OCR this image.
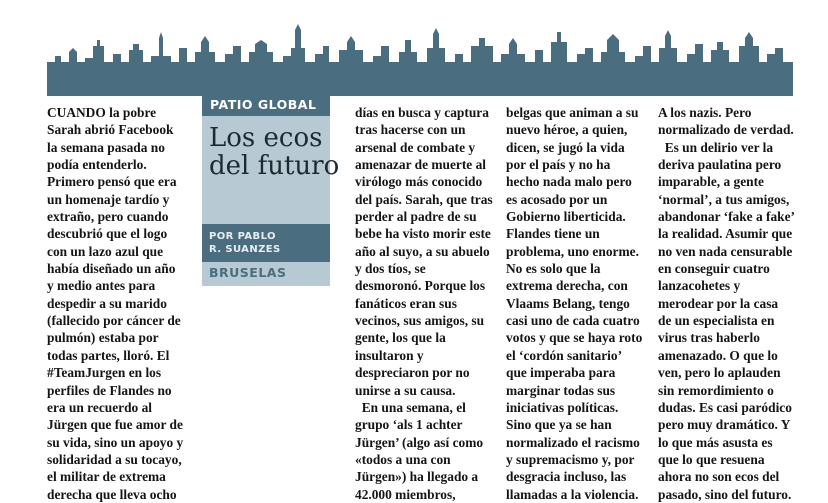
CUANDO la pobre
Sarah abrió Facebook
la semana pasada no
podía entenderlo.
Primero pensó que era
un homenaje tardío y
extraño, pero cuando
descubrió que el logo
con un lazo azul que
había diseñado un año
y medio antes para
despedir a su marido
(fallecido por cáncer de
pulmón) estaba por
todas partes, lloró. El
#TeamJurgen en los
perfiles de Flandes no
era un recuerdo al
Jürgen que fue amor de
su vida, sino un apoyo y
solidaridad a su tocayo,
el militar de extrema
derecha que lleva ocho
PATIO GLOBAL
Los ecos
del futuro
POR PABLO
R. SUANZES
BRUSELAS
días en busca y captura
tras hacerse con un
arsenal de combate y
amenazar de muerte al
virólogo más conocido
del país. Sarah, que tras
perder al padre de su
bebe ha visto morir este
año al suyo, a su abuelo
y dos tíos, se
desmoronó. Porque los
fanáticos eran sus
vecinos, sus amigos, su
gente, los que la
insultaron y
despreciaron por no
unirse a su causa.
En una semana, el
grupo ‘als 1 achter
Jürgen’ (algo así como
«todos a una con
Jürgen») ha llegado a
42.000 miembros,
belgas que animan a su
nuevo héroe, a quien,
dicen, se jugó la vida
por el país y no ha
hecho nada malo pero
es acosado por un
Gobierno liberticida.
Flandes tiene un
problema, uno enorme.
No es solo que la
extrema derecha, con
Vlaams Belang, tengo
casi uno de cada cuatro
votos y que se haya roto
el ‘cordón sanitario’
que imperaba para
marginar todas sus
iniciativas políticas.
Sino que ya se han
normalizado el racismo
y supremacismo y, por
desgracia incluso, las
llamadas a la violencia.
A los nazis. Pero
normalizado de verdad.
Es un delirio ver la
deriva paulatina pero
imparable, a gente
‘normal’, a tus amigos,
abandonar ‘fake a fake’
la realidad. Asumir que
no ven nada censurable
en conseguir cuatro
lanzacohetes y
merodear por la casa
de un especialista en
virus tras haberlo
amenazado. O que lo
ven, pero lo aplauden
sin remordimiento o
dudas. Es casi paródico
pero muy dramático. Y
lo que más asusta es
que lo que resuena
ahora no son ecos del
pasado, sino del futuro.
